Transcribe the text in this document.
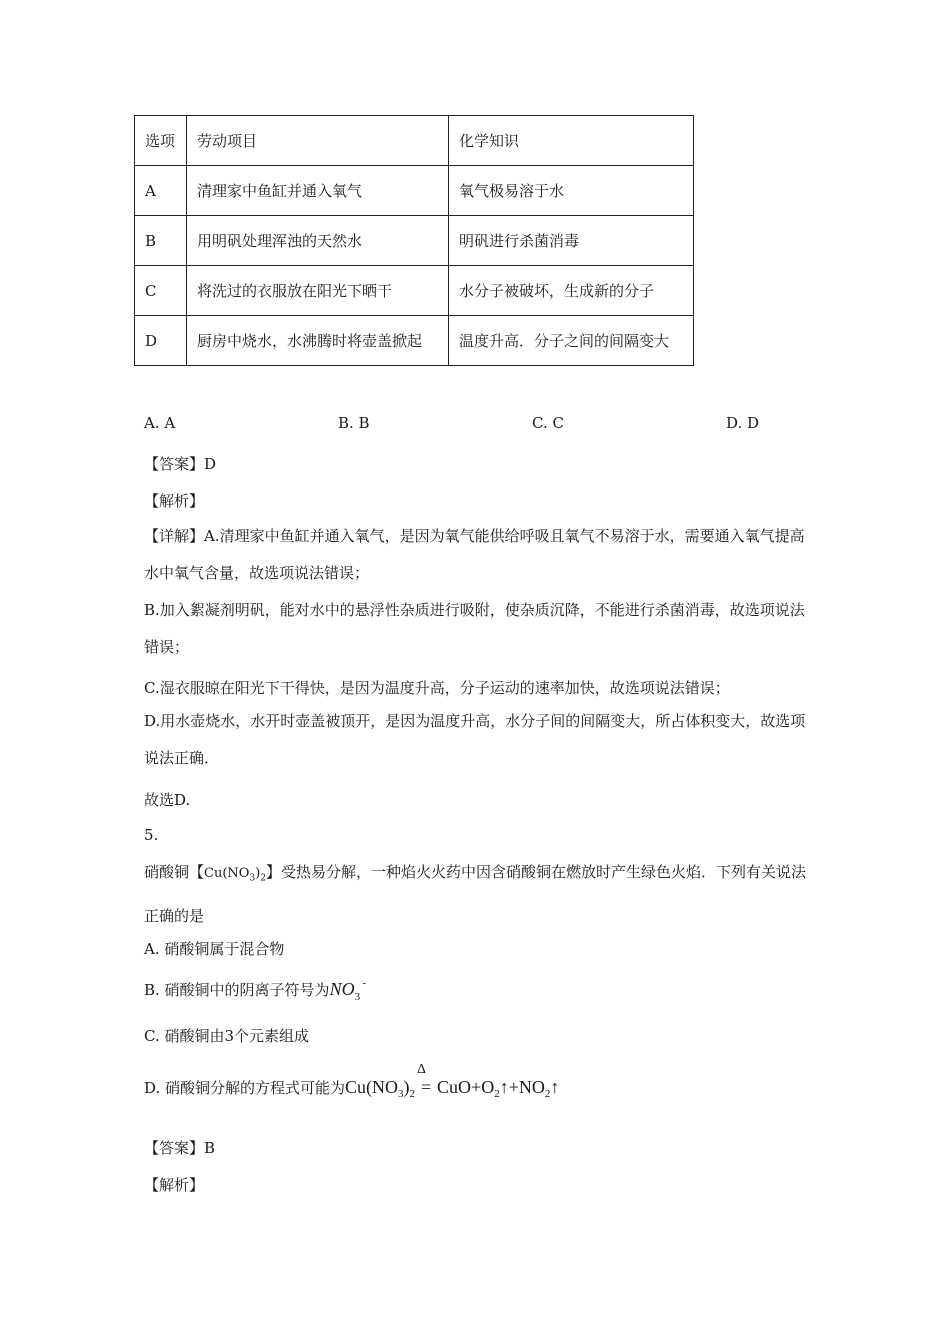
选项	劳动项目	化学知识
A	清理家中鱼缸并通入氧气	氧气极易溶于水
B	用明矾处理浑浊的天然水	明矾进行杀菌消毒
C	将洗过的衣服放在阳光下晒干	水分子被破坏，生成新的分子
D	厨房中烧水，水沸腾时将壶盖掀起	温度升高．分子之间的间隔变大
A. A	B. B	C. C	D. D
【答案】D
【解析】
【详解】A.清理家中鱼缸并通入氧气，是因为氧气能供给呼吸且氧气不易溶于水，需要通入氧气提高水中氧气含量，故选项说法错误；
B.加入絮凝剂明矾，能对水中的悬浮性杂质进行吸附，使杂质沉降，不能进行杀菌消毒，故选项说法错误；
C.湿衣服晾在阳光下干得快，是因为温度升高，分子运动的速率加快，故选项说法错误；
D.用水壶烧水，水开时壶盖被顶开，是因为温度升高，水分子间的间隔变大，所占体积变大，故选项说法正确．
故选D.
5.
硝酸铜【$Cu(NO_3)_2$】受热易分解，一种焰火火药中因含硝酸铜在燃放时产生绿色火焰．下列有关说法正确的是
A. 硝酸铜属于混合物
B. 硝酸铜中的阴离子符号为$NO_3$
-
C. 硝酸铜由3个元素组成
D. 硝酸铜分解的方程式可能为$Cu(NO_3)_2$
Δ
= $CuO+O_2↑+NO_2↑$
【答案】B
【解析】
